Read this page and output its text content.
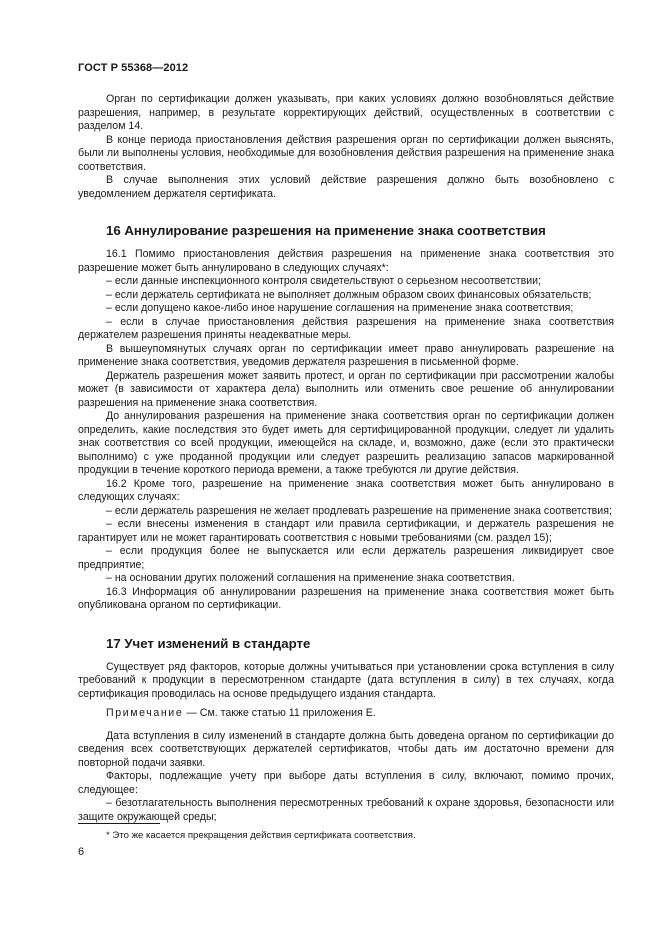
ГОСТ Р 55368—2012

Орган по сертификации должен указывать, при каких условиях должно возобновляться действие разрешения, например, в результате корректирующих действий, осуществленных в соответствии с разделом 14.

В конце периода приостановления действия разрешения орган по сертификации должен выяснять, были ли выполнены условия, необходимые для возобновления действия разрешения на применение знака соответствия.

В случае выполнения этих условий действие разрешения должно быть возобновлено с уведомлением держателя сертификата.

16 Аннулирование разрешения на применение знака соответствия

16.1 Помимо приостановления действия разрешения на применение знака соответствия это разрешение может быть аннулировано в следующих случаях*:

– если данные инспекционного контроля свидетельствуют о серьезном несоответствии;

– если держатель сертификата не выполняет должным образом своих финансовых обязательств;

– если допущено какое-либо иное нарушение соглашения на применение знака соответствия;

– если в случае приостановления действия разрешения на применение знака соответствия держателем разрешения приняты неадекватные меры.

В вышеупомянутых случаях орган по сертификации имеет право аннулировать разрешение на применение знака соответствия, уведомив держателя разрешения в письменной форме.

Держатель разрешения может заявить протест, и орган по сертификации при рассмотрении жалобы может (в зависимости от характера дела) выполнить или отменить свое решение об аннулировании разрешения на применение знака соответствия.

До аннулирования разрешения на применение знака соответствия орган по сертификации должен определить, какие последствия это будет иметь для сертифицированной продукции, следует ли удалить знак соответствия со всей продукции, имеющейся на складе, и, возможно, даже (если это практически выполнимо) с уже проданной продукции или следует разрешить реализацию запасов маркированной продукции в течение короткого периода времени, а также требуются ли другие действия.

16.2 Кроме того, разрешение на применение знака соответствия может быть аннулировано в следующих случаях:

– если держатель разрешения не желает продлевать разрешение на применение знака соответствия;

– если внесены изменения в стандарт или правила сертификации, и держатель разрешения не гарантирует или не может гарантировать соответствия с новыми требованиями (см. раздел 15);

– если продукция более не выпускается или если держатель разрешения ликвидирует свое предприятие;

– на основании других положений соглашения на применение знака соответствия.

16.3 Информация об аннулировании разрешения на применение знака соответствия может быть опубликована органом по сертификации.

17 Учет изменений в стандарте

Существует ряд факторов, которые должны учитываться при установлении срока вступления в силу требований к продукции в пересмотренном стандарте (дата вступления в силу) в тех случаях, когда сертификация проводилась на основе предыдущего издания стандарта.

Примечание — См. также статью 11 приложения Е.

Дата вступления в силу изменений в стандарте должна быть доведена органом по сертификации до сведения всех соответствующих держателей сертификатов, чтобы дать им достаточно времени для повторной подачи заявки.

Факторы, подлежащие учету при выборе даты вступления в силу, включают, помимо прочих, следующее:

– безотлагательность выполнения пересмотренных требований к охране здоровья, безопасности или защите окружающей среды;

* Это же касается прекращения действия сертификата соответствия.
6
